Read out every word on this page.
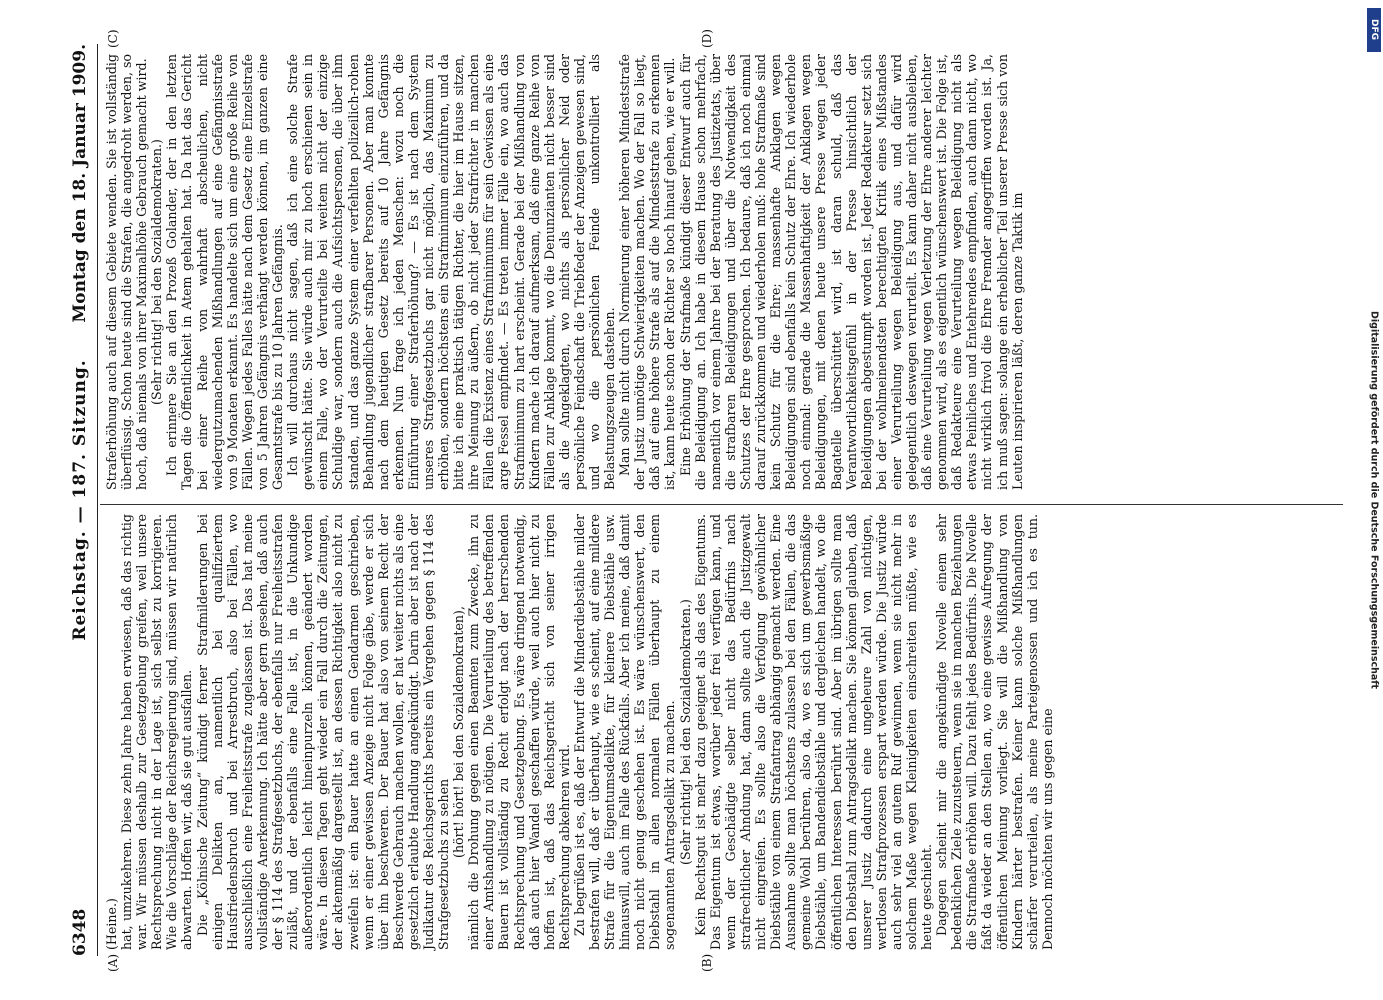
6348
Reichstag. — 187. Sitzung.
Montag den 18. Januar 1909.
(A)	(B)
(C)	(D)

(Heine.) hat, umzukehren. Diese zehn Jahre haben erwiesen, daß das richtig war. Wir müssen deshalb zur Gesetzgebung greifen, weil unsere Rechtsprechung nicht in der Lage ist, sich selbst zu korrigieren. Wie die Vorschläge der Reichsregierung sind, müssen wir natürlich abwarten. Hoffen wir, daß sie gut ausfallen. Die „Kölnische Zeitung“ kündigt ferner Strafmilderungen bei einigen Delikten an, namentlich bei qualifiziertem Hausfriedensbruch und bei Arrestbruch, also bei Fällen, wo ausschließlich eine Freiheitsstrafe zugelassen ist. Das hat meine vollständige Anerkennung. Ich hätte aber gern gesehen, daß auch der § 114 des Strafgesetzbuchs, der ebenfalls nur Freiheitsstrafen zuläßt, und der ebenfalls eine Falle ist, in die Unkundige außerordentlich leicht hineinpurzeln können, geändert worden wäre. In diesen Tagen geht wieder ein Fall durch die Zeitungen, der aktenmäßig dargestellt ist, an dessen Richtigkeit also nicht zu zweifeln ist: ein Bauer hatte an einen Gendarmen geschrieben, wenn er einer gewissen Anzeige nicht Folge gäbe, werde er sich über ihn beschweren. Der Bauer hat also von seinem Recht der Beschwerde Gebrauch machen wollen, er hat weiter nichts als eine gesetzlich erlaubte Handlung angekündigt. Darin aber ist nach der Judikatur des Reichsgerichts bereits ein Vergehen gegen § 114 des Strafgesetzbuchs zu sehen

(hört! hört! bei den Sozialdemokraten), nämlich die Drohung gegen einen Beamten zum Zwecke, ihn zu einer Amtshandlung zu nötigen. Die Verurteilung des betreffenden Bauern ist vollständig zu Recht erfolgt nach der herrschenden Rechtsprechung und Gesetzgebung. Es wäre dringend notwendig, daß auch hier Wandel geschaffen würde, weil auch hier nicht zu hoffen ist, daß das Reichsgericht sich von seiner irrigen Rechtsprechung abkehren wird. Zu begrüßen ist es, daß der Entwurf die Minderdiebstähle milder bestrafen will, daß er überhaupt, wie es scheint, auf eine mildere Strafe für die Eigentumsdelikte, für kleinere Diebstähle usw. hinauswill, auch im Falle des Rückfalls. Aber ich meine, daß damit noch nicht genug geschehen ist. Es wäre wünschenswert, den Diebstahl in allen normalen Fällen überhaupt zu einem sogenannten Antragsdelikt zu machen. (Sehr richtig! bei den Sozialdemokraten.) Kein Rechtsgut ist mehr dazu geeignet als das des Eigentums. Das Eigentum ist etwas, worüber jeder frei verfügen kann, und wenn der Geschädigte selber nicht das Bedürfnis nach strafrechtlicher Ahndung hat, dann sollte auch die Justizgewalt nicht eingreifen. Es sollte also die Verfolgung gewöhnlicher Diebstähle von einem Strafantrag abhängig gemacht werden. Eine Ausnahme sollte man höchstens zulassen bei den Fällen, die das gemeine Wohl berühren, also da, wo es sich um gewerbsmäßige Diebstähle, um Bandendiebstähle und dergleichen handelt, wo die öffentlichen Interessen berührt sind. Aber im übrigen sollte man den Diebstahl zum Antragsdelikt machen. Sie können glauben, daß unserer Justiz dadurch eine ungeheure Zahl von nichtigen, wertlosen Strafprozessen erspart werden würde. Die Justiz würde auch sehr viel an gutem Ruf gewinnen, wenn sie nicht mehr in solchem Maße wegen Kleinigkeiten einschreiten müßte, wie es heute geschieht. Dagegen scheint mir die angekündigte Novelle einem sehr bedenklichen Ziele zuzusteuern, wenn sie in manchen Beziehungen die Strafmaße erhöhen will. Dazu fehlt jedes Bedürfnis. Die Novelle faßt da wieder an den Stellen an, wo eine gewisse Aufregung der öffentlichen Meinung vorliegt. Sie will die Mißhandlung von Kindern härter bestrafen. Keiner kann solche Mißhandlungen schärfer verurteilen, als meine Parteigenossen und ich es tun. Dennoch möchten wir uns gegen eine

Straferhöhung auch auf diesem Gebiete wenden. Sie ist vollständig überflüssig. Schon heute sind die Strafen, die angedroht werden, so hoch, daß niemals von ihrer Maximalhöhe Gebrauch gemacht wird. (Sehr richtig! bei den Sozialdemokraten.) Ich erinnere Sie an den Prozeß Golander, der in den letzten Tagen die Öffentlichkeit in Atem gehalten hat. Da hat das Gericht bei einer Reihe von wahrhaft abscheulichen, nicht wiedergutzumachenden Mißhandlungen auf eine Gefängnisstrafe von 9 Monaten erkannt. Es handelte sich um eine große Reihe von Fällen. Wegen jedes Falles hätte nach dem Gesetz eine Einzelstrafe von 5 Jahren Gefängnis verhängt werden können, im ganzen eine Gesamtstrafe bis zu 10 Jahren Gefängnis. Ich will durchaus nicht sagen, daß ich eine solche Strafe gewünscht hätte. Sie würde auch mir zu hoch erschienen sein in einem Falle, wo der Verurteilte bei weitem nicht der einzige Schuldige war, sondern auch die Aufsichtspersonen, die über ihm standen, und das ganze System einer verfehlten polizeilich-rohen Behandlung jugendlicher strafbarer Personen. Aber man konnte nach dem heutigen Gesetz bereits auf 10 Jahre Gefängnis erkennen. Nun frage ich jeden Menschen: wozu noch die Einführung einer Straferhöhung? — Es ist nach dem System unseres Strafgesetzbuchs gar nicht möglich, das Maximum zu erhöhen, sondern höchstens ein Strafminimum einzuführen, und da bitte ich eine praktisch tätigen Richter, die hier im Hause sitzen, ihre Meinung zu äußern, ob nicht jeder Strafrichter in manchen Fällen die Existenz eines Strafminimums für sein Gewissen als eine arge Fessel empfindet. — Es treten immer Fälle ein, wo auch das Strafminimum zu hart erscheint. Gerade bei der Mißhandlung von Kindern mache ich darauf aufmerksam, daß eine ganze Reihe von Fällen zur Anklage kommt, wo die Denunzianten nicht besser sind als die Angeklagten, wo nichts als persönlicher Neid oder persönliche Feindschaft die Triebfeder der Anzeigen gewesen sind, und wo die persönlichen Feinde unkontrolliert als Belastungszeugen dastehen. Man sollte nicht durch Normierung einer höheren Mindeststrafe der Justiz unnötige Schwierigkeiten machen. Wo der Fall so liegt, daß auf eine höhere Strafe als auf die Mindeststrafe zu erkennen ist, kann heute schon der Richter so hoch hinauf gehen, wie er will. Eine Erhöhung der Strafmaße kündigt dieser Entwurf auch für die Beleidigung an. Ich habe in diesem Hause schon mehrfach, namentlich vor einem Jahre bei der Beratung des Justizetats, über die strafbaren Beleidigungen und über die Notwendigkeit des Schutzes der Ehre gesprochen. Ich bedaure, daß ich noch einmal darauf zurückkommen und wiederholen muß: hohe Strafmaße sind kein Schutz für die Ehre; massenhafte Anklagen wegen Beleidigungen sind ebenfalls kein Schutz der Ehre. Ich wiederhole noch einmal: gerade die Massenhaftigkeit der Anklagen wegen Beleidigungen, mit denen heute unsere Presse wegen jeder Bagatelle überschüttet wird, ist daran schuld, daß das Verantwortlichkeitsgefühl in der Presse hinsichtlich der Beleidigungen abgestumpft worden ist. Jeder Redakteur setzt sich bei der wohlmeinendsten berechtigten Kritik eines Mißstandes einer Verurteilung wegen Beleidigung aus, und dafür wird gelegentlich deswegen verurteilt. Es kann daher nicht ausbleiben, daß eine Verurteilung wegen Verletzung der Ehre anderer leichter genommen wird, als es eigentlich wünschenswert ist. Die Folge ist, daß Redakteure eine Verurteilung wegen Beleidigung nicht als etwas Peinliches und Entehrendes empfinden, auch dann nicht, wo nicht wirklich frivol die Ehre Fremder angegriffen worden ist. Ja, ich muß sagen: solange ein erheblicher Teil unserer Presse sich von Leuten inspirieren läßt, deren ganze Taktik im	Digitalisierung gefördert durch die Deutsche Forschungsgemeinschaft
DFG
